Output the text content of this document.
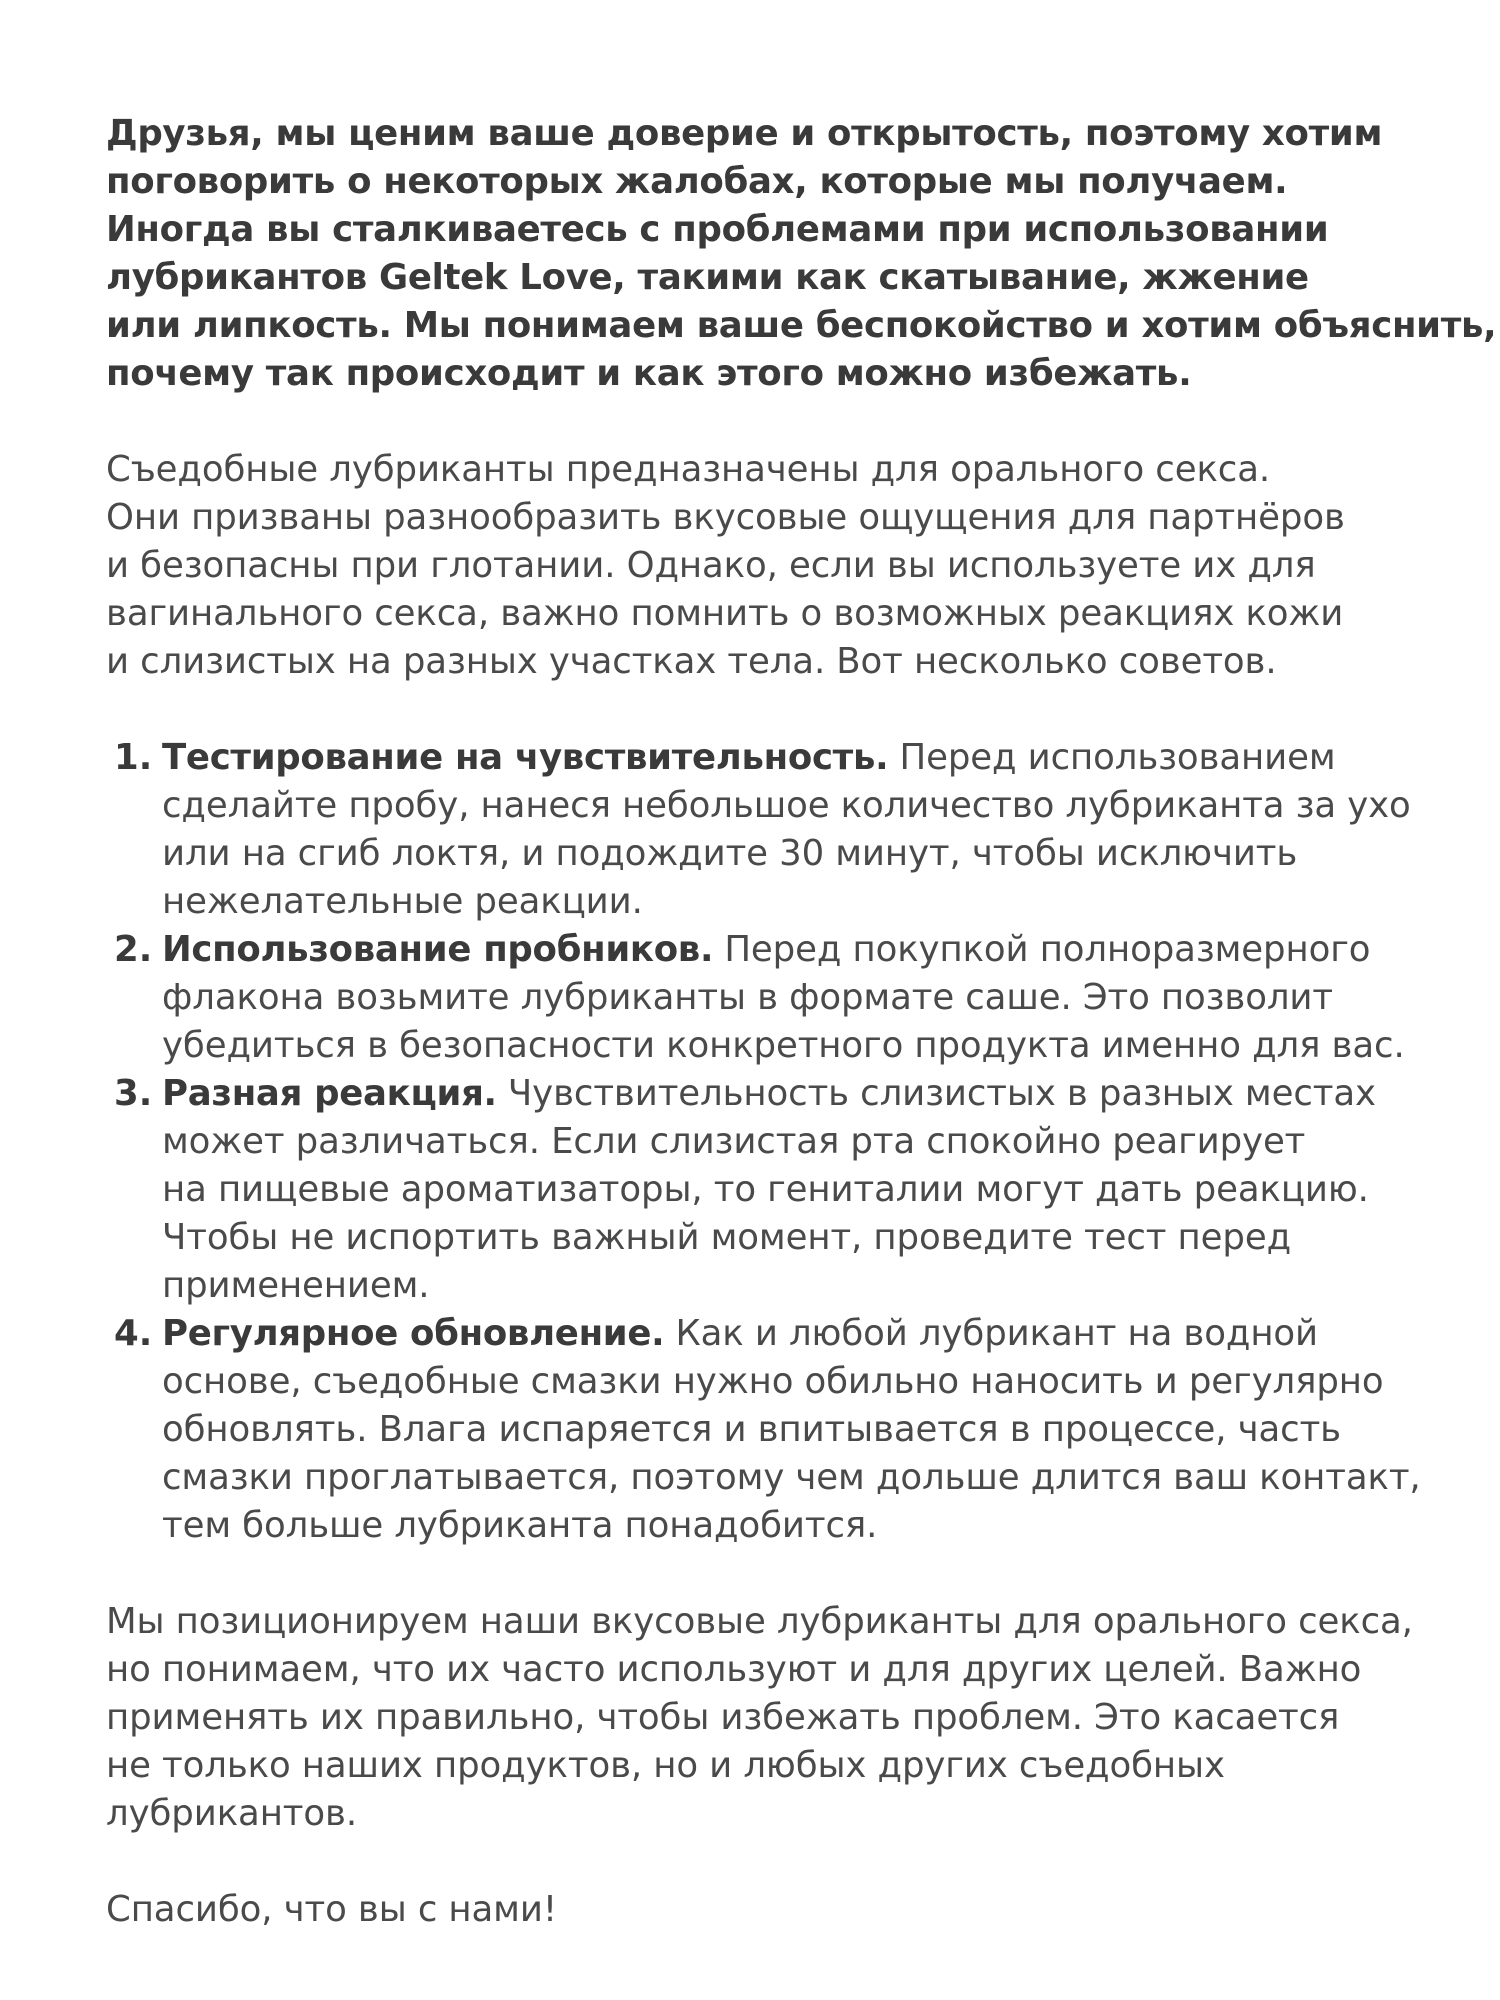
Друзья, мы ценим ваше доверие и открытость, поэтому хотим
поговорить о некоторых жалобах, которые мы получаем.
Иногда вы сталкиваетесь с проблемами при использовании
лубрикантов Geltek Love, такими как скатывание, жжение
или липкость. Мы понимаем ваше беспокойство и хотим объяснить,
почему так происходит и как этого можно избежать.
Съедобные лубриканты предназначены для орального секса.
Они призваны разнообразить вкусовые ощущения для партнёров
и безопасны при глотании. Однако, если вы используете их для
вагинального секса, важно помнить о возможных реакциях кожи
и слизистых на разных участках тела. Вот несколько советов.
1. Тестирование на чувствительность. Перед использованием
сделайте пробу, нанеся небольшое количество лубриканта за ухо
или на сгиб локтя, и подождите 30 минут, чтобы исключить
нежелательные реакции.
2. Использование пробников. Перед покупкой полноразмерного
флакона возьмите лубриканты в формате саше. Это позволит
убедиться в безопасности конкретного продукта именно для вас.
3. Разная реакция. Чувствительность слизистых в разных местах
может различаться. Если слизистая рта спокойно реагирует
на пищевые ароматизаторы, то гениталии могут дать реакцию.
Чтобы не испортить важный момент, проведите тест перед
применением.
4. Регулярное обновление. Как и любой лубрикант на водной
основе, съедобные смазки нужно обильно наносить и регулярно
обновлять. Влага испаряется и впитывается в процессе, часть
смазки проглатывается, поэтому чем дольше длится ваш контакт,
тем больше лубриканта понадобится.
Мы позиционируем наши вкусовые лубриканты для орального секса,
но понимаем, что их часто используют и для других целей. Важно
применять их правильно, чтобы избежать проблем. Это касается
не только наших продуктов, но и любых других съедобных
лубрикантов.
Спасибо, что вы с нами!
